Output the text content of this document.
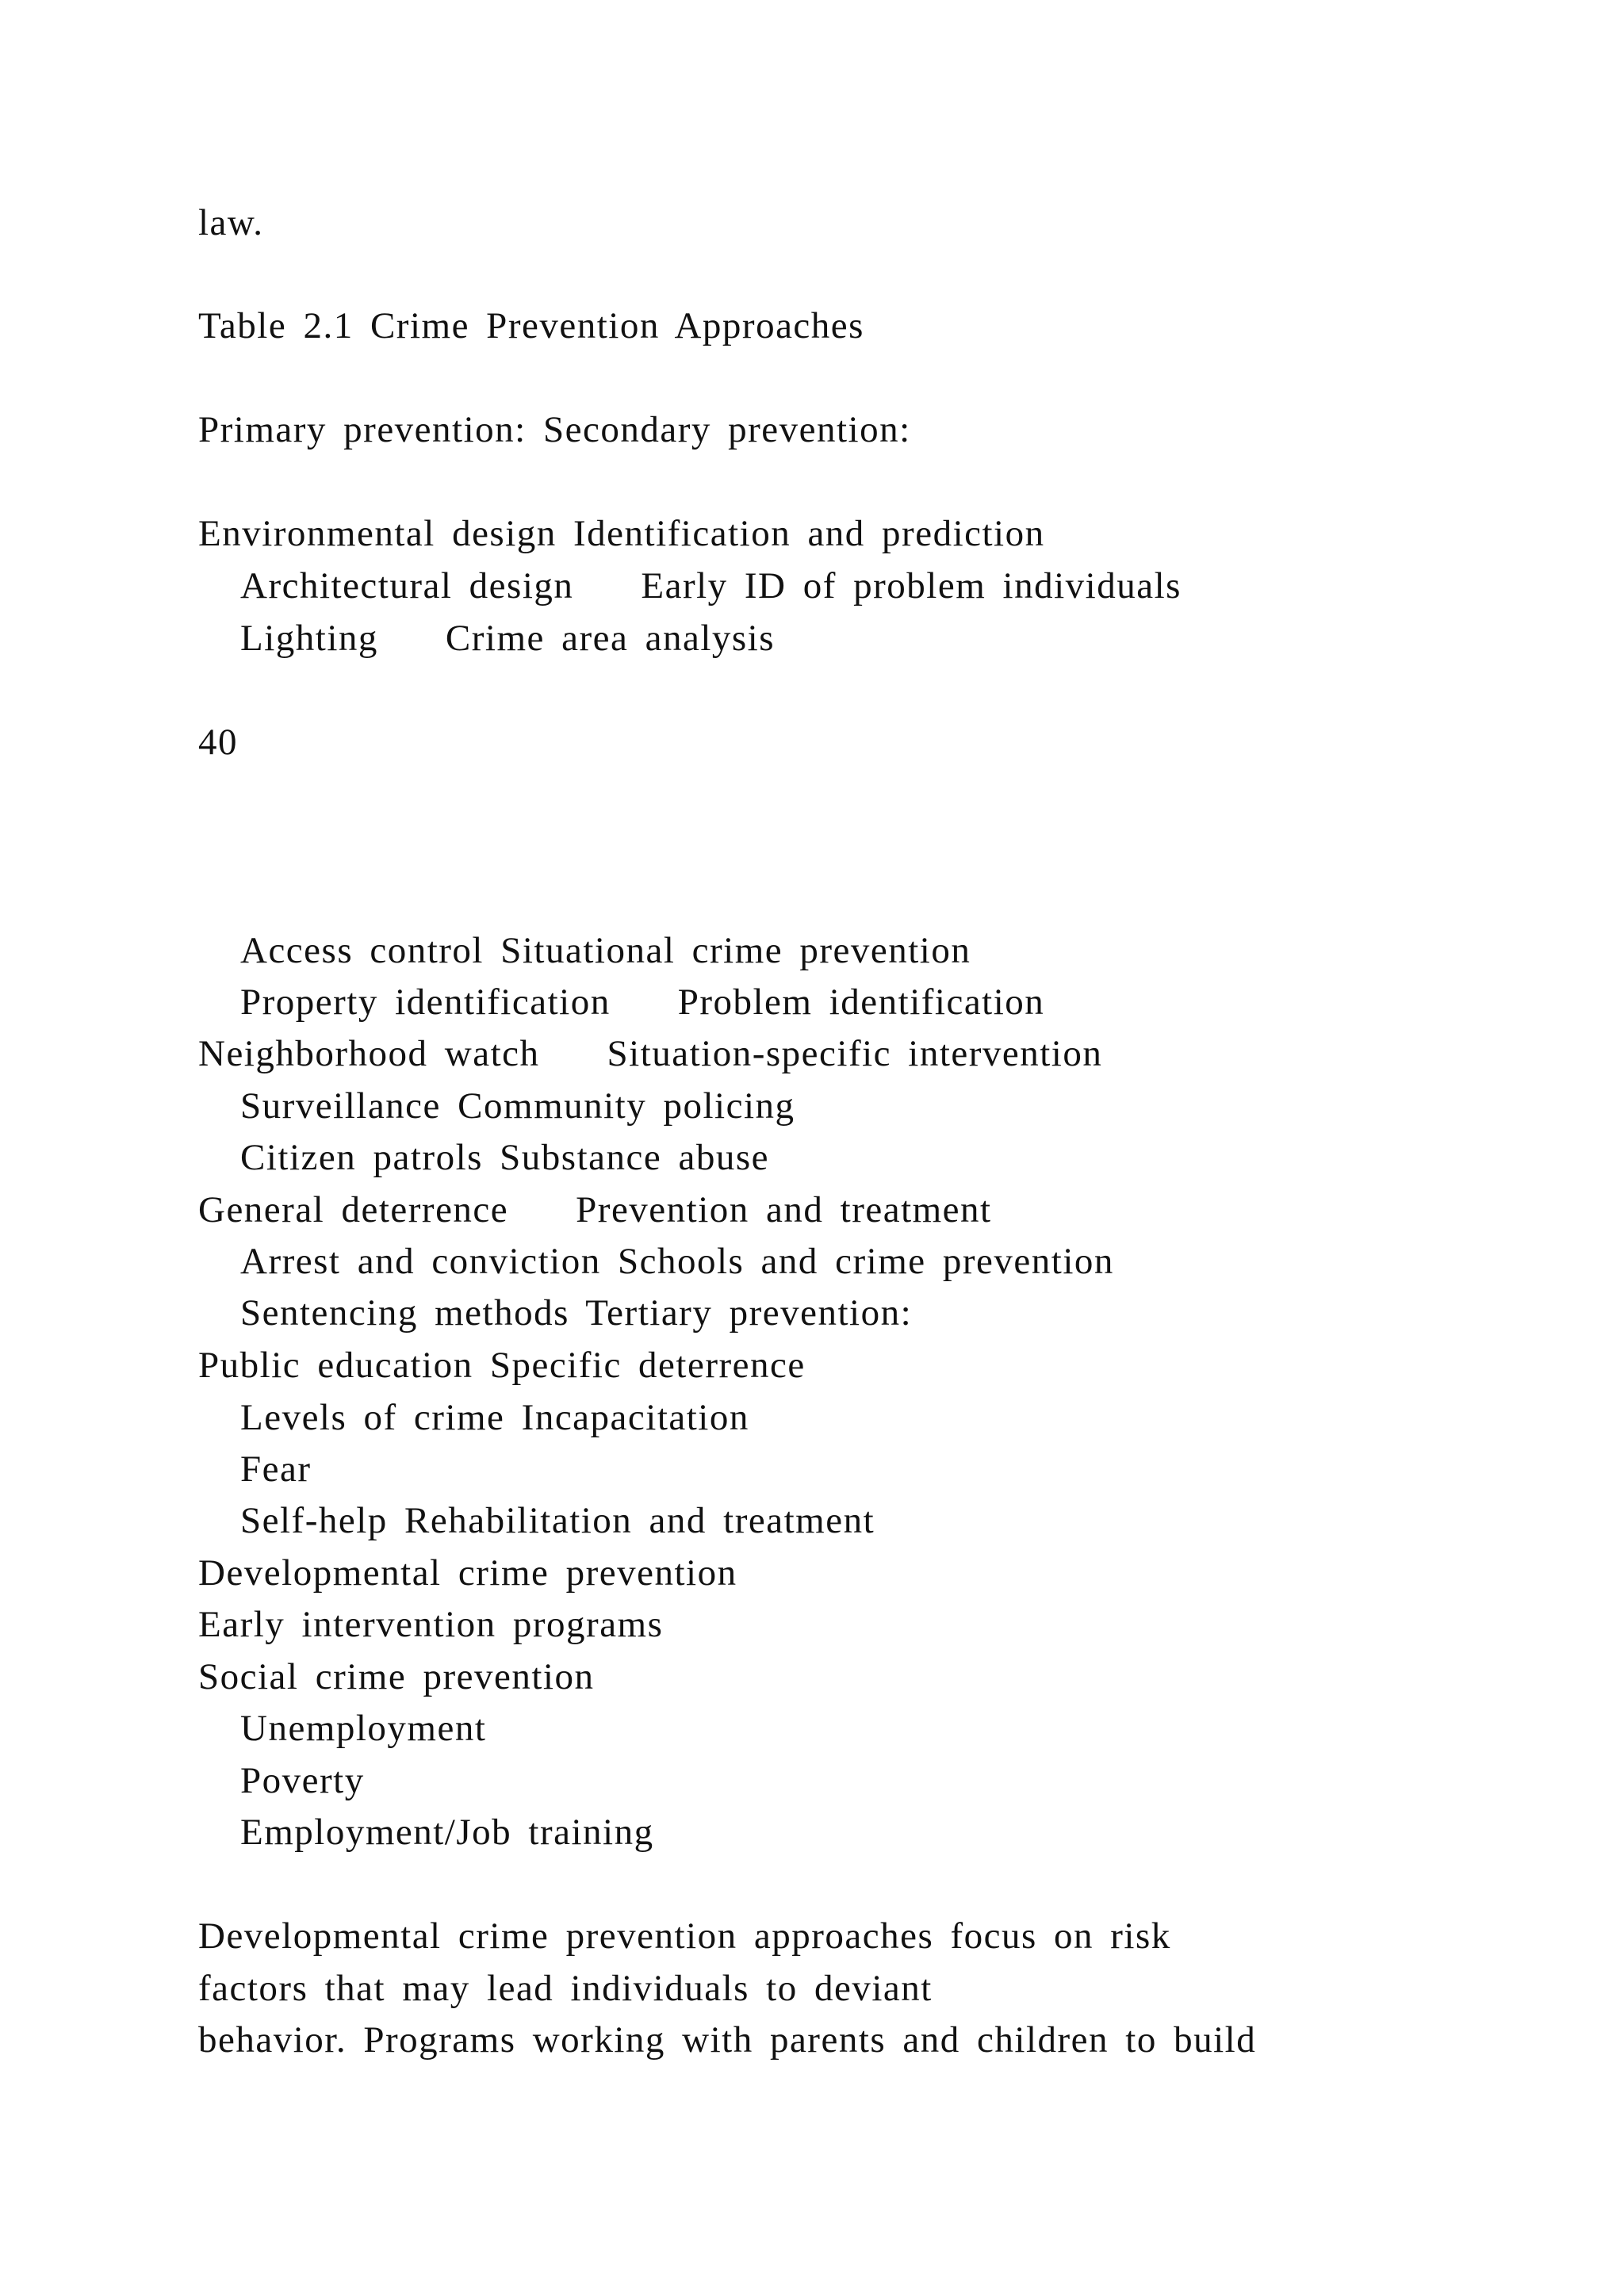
law.
Table 2.1 Crime Prevention Approaches
Primary prevention: Secondary prevention:
Environmental design Identification and prediction
Architectural design    Early ID of problem individuals
Lighting    Crime area analysis
40
Access control Situational crime prevention
Property identification    Problem identification
Neighborhood watch    Situation-specific intervention
Surveillance Community policing
Citizen patrols Substance abuse
General deterrence    Prevention and treatment
Arrest and conviction Schools and crime prevention
Sentencing methods Tertiary prevention:
Public education Specific deterrence
Levels of crime Incapacitation
Fear
Self-help Rehabilitation and treatment
Developmental crime prevention
Early intervention programs
Social crime prevention
Unemployment
Poverty
Employment/Job training
Developmental crime prevention approaches focus on risk
factors that may lead individuals to deviant
behavior. Programs working with parents and children to build
